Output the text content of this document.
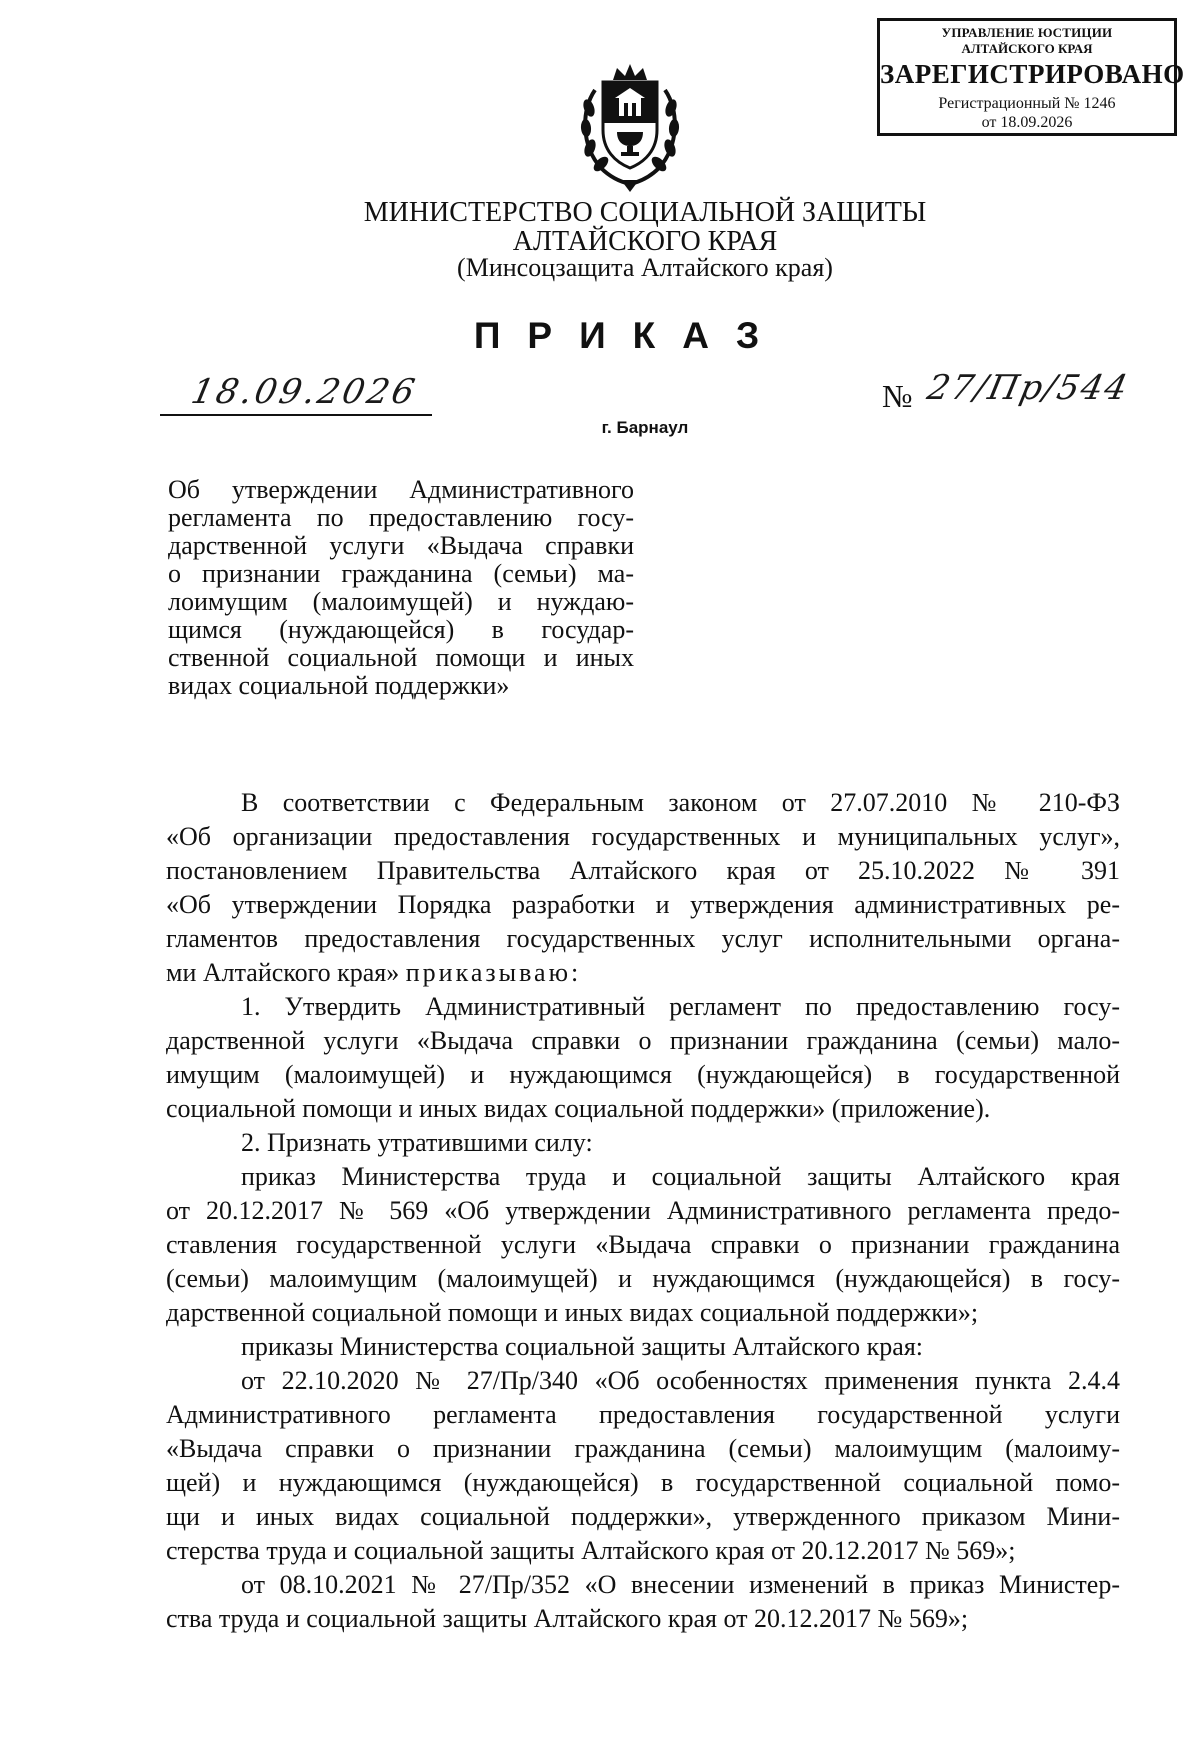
УПРАВЛЕНИЕ ЮСТИЦИИ
АЛТАЙСКОГО КРАЯ
ЗАРЕГИСТРИРОВАНО
Регистрационный № 1246
от 18.09.2026
МИНИСТЕРСТВО СОЦИАЛЬНОЙ ЗАЩИТЫ
АЛТАЙСКОГО КРАЯ
(Минсоцзащита Алтайского края)
ПРИКАЗ
18.09.2026	№ 27/Пр/544
г. Барнаул
Об утверждении Административного
регламента по предоставлению госу-
дарственной услуги «Выдача справки
о признании гражданина (семьи) ма-
лоимущим (малоимущей) и нуждаю-
щимся (нуждающейся) в государ-
ственной социальной помощи и иных
видах социальной поддержки»
В соответствии с Федеральным законом от 27.07.2010 № 210-ФЗ
«Об организации предоставления государственных и муниципальных услуг»,
постановлением Правительства Алтайского края от 25.10.2022 № 391
«Об утверждении Порядка разработки и утверждения административных ре-
гламентов предоставления государственных услуг исполнительными органа-
ми Алтайского края» приказываю:
1. Утвердить Административный регламент по предоставлению госу-
дарственной услуги «Выдача справки о признании гражданина (семьи) мало-
имущим (малоимущей) и нуждающимся (нуждающейся) в государственной
социальной помощи и иных видах социальной поддержки» (приложение).
2. Признать утратившими силу:
приказ Министерства труда и социальной защиты Алтайского края
от 20.12.2017 № 569 «Об утверждении Административного регламента предо-
ставления государственной услуги «Выдача справки о признании гражданина
(семьи) малоимущим (малоимущей) и нуждающимся (нуждающейся) в госу-
дарственной социальной помощи и иных видах социальной поддержки»;
приказы Министерства социальной защиты Алтайского края:
от 22.10.2020 № 27/Пр/340 «Об особенностях применения пункта 2.4.4
Административного регламента предоставления государственной услуги
«Выдача справки о признании гражданина (семьи) малоимущим (малоиму-
щей) и нуждающимся (нуждающейся) в государственной социальной помо-
щи и иных видах социальной поддержки», утвержденного приказом Мини-
стерства труда и социальной защиты Алтайского края от 20.12.2017 № 569»;
от 08.10.2021 № 27/Пр/352 «О внесении изменений в приказ Министер-
ства труда и социальной защиты Алтайского края от 20.12.2017 № 569»;
